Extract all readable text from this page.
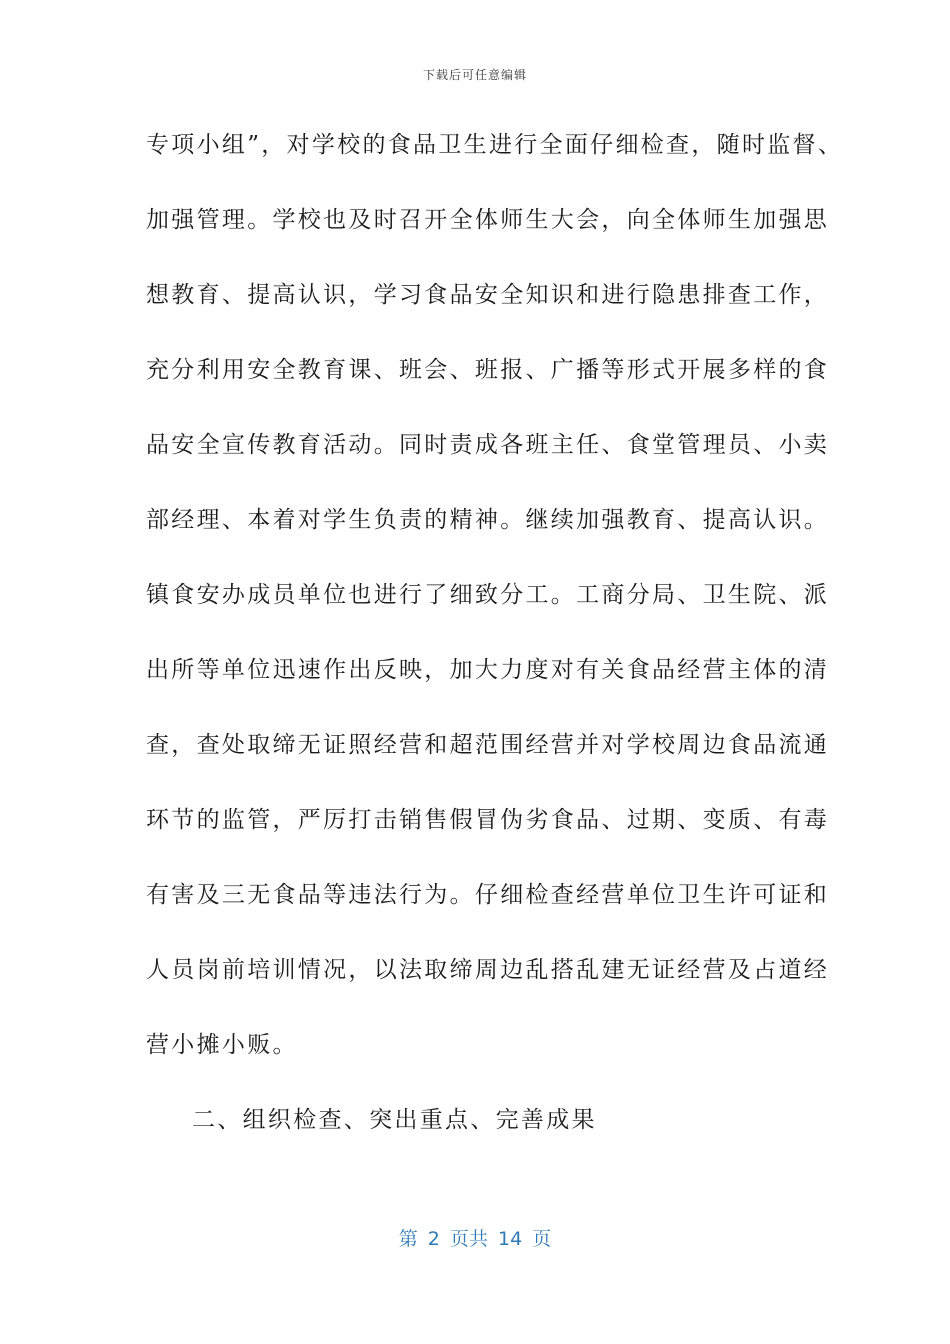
下载后可任意编辑
专项小组”，对学校的食品卫生进行全面仔细检查，随时监督、
加强管理。学校也及时召开全体师生大会，向全体师生加强思
想教育、提高认识，学习食品安全知识和进行隐患排查工作，
充分利用安全教育课、班会、班报、广播等形式开展多样的食
品安全宣传教育活动。同时责成各班主任、食堂管理员、小卖
部经理、本着对学生负责的精神。继续加强教育、提高认识。
镇食安办成员单位也进行了细致分工。工商分局、卫生院、派
出所等单位迅速作出反映，加大力度对有关食品经营主体的清
查，查处取缔无证照经营和超范围经营并对学校周边食品流通
环节的监管，严厉打击销售假冒伪劣食品、过期、变质、有毒
有害及三无食品等违法行为。仔细检查经营单位卫生许可证和
人员岗前培训情况，以法取缔周边乱搭乱建无证经营及占道经
营小摊小贩。
二、组织检查、突出重点、完善成果
第 2 页共 14 页
